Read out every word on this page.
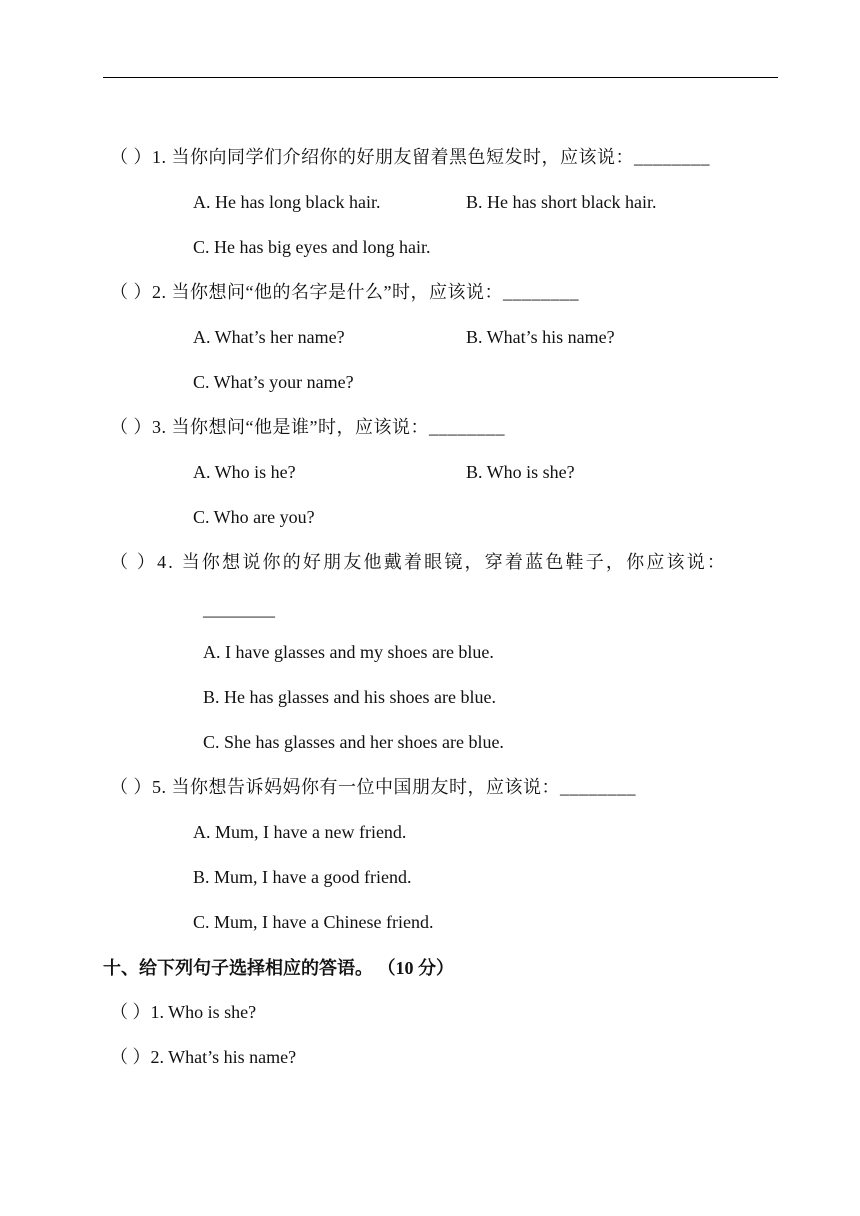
（ ）1. 当你向同学们介绍你的好朋友留着黑色短发时，应该说：________
A. He has long black hair.	B. He has short black hair.
C. He has big eyes and long hair.
（ ）2. 当你想问“他的名字是什么”时，应该说：________
A. What’s her name?	B. What’s his name?
C. What’s your name?
（ ）3. 当你想问“他是谁”时，应该说：________
A. Who is he?	B. Who is she?
C. Who are you?
（ ）4. 当你想说你的好朋友他戴着眼镜，穿着蓝色鞋子，你应该说：
________
A. I have glasses and my shoes are blue.
B. He has glasses and his shoes are blue.
C. She has glasses and her shoes are blue.
（ ）5. 当你想告诉妈妈你有一位中国朋友时，应该说：________
A. Mum, I have a new friend.
B. Mum, I have a good friend.
C. Mum, I have a Chinese friend.
十、给下列句子选择相应的答语。 （10 分）
（ ）1. Who is she?
（ ）2. What’s his name?
